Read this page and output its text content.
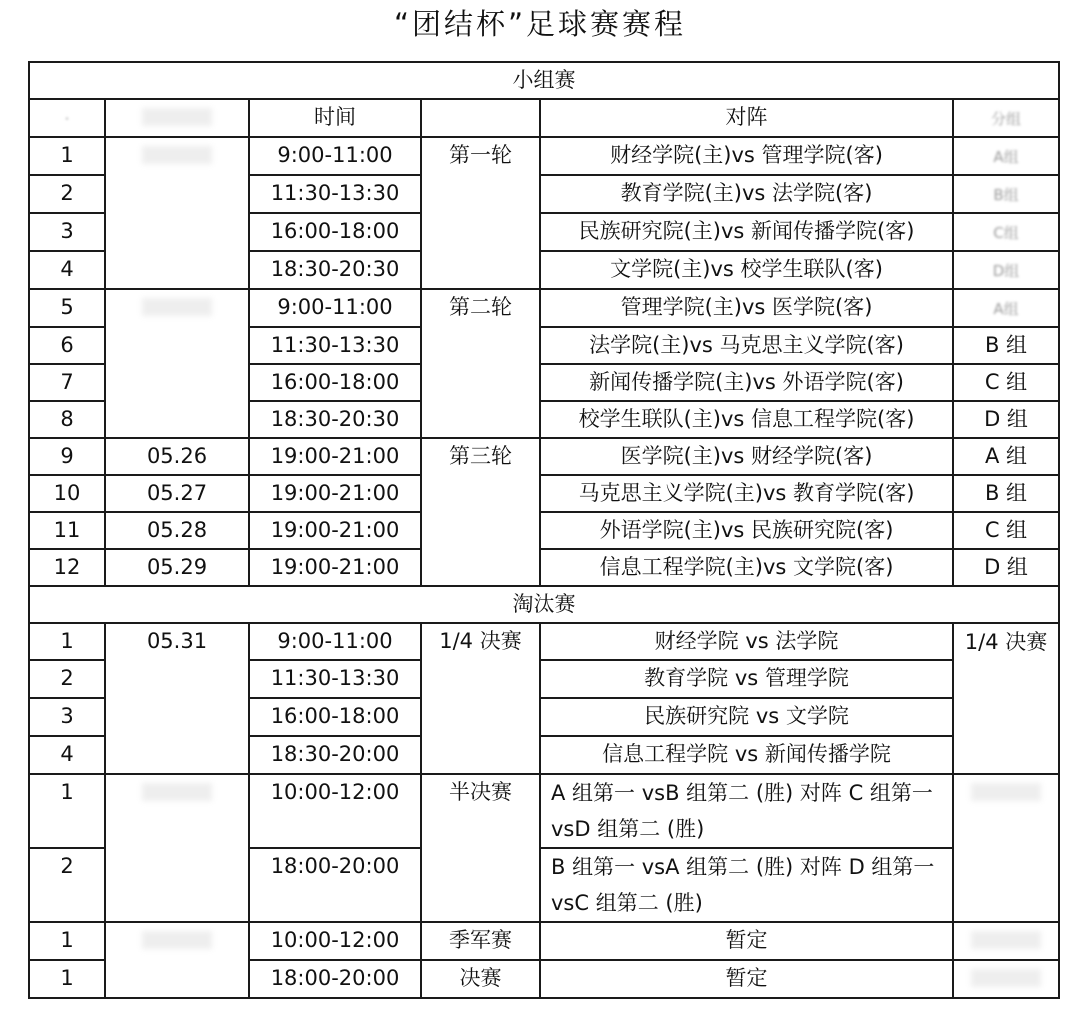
“团结杯”足球赛赛程
小组赛					
·		时间		对阵	分组
1		9:00-11:00	第一轮	财经学院(主)vs 管理学院(客)	A组
2		11:30-13:30		教育学院(主)vs 法学院(客)	B组
3		16:00-18:00		民族研究院(主)vs 新闻传播学院(客)	C组
4		18:30-20:30		文学院(主)vs 校学生联队(客)	D组
5		9:00-11:00	第二轮	管理学院(主)vs 医学院(客)	A组
6		11:30-13:30		法学院(主)vs 马克思主义学院(客)	B 组
7		16:00-18:00		新闻传播学院(主)vs 外语学院(客)	C 组
8		18:30-20:30		校学生联队(主)vs 信息工程学院(客)	D 组
9	05.26	19:00-21:00	第三轮	医学院(主)vs 财经学院(客)	A 组
10	05.27	19:00-21:00		马克思主义学院(主)vs 教育学院(客)	B 组
11	05.28	19:00-21:00		外语学院(主)vs 民族研究院(客)	C 组
12	05.29	19:00-21:00		信息工程学院(主)vs 文学院(客)	D 组
淘汰赛					
1	05.31	9:00-11:00	1/4 决赛	财经学院 vs 法学院	1/4 决赛
2		11:30-13:30		教育学院 vs 管理学院	
3		16:00-18:00		民族研究院 vs 文学院	
4		18:30-20:00		信息工程学院 vs 新闻传播学院	
1		10:00-12:00	半决赛	A 组第一 vsB 组第二 (胜) 对阵 C 组第一vsD 组第二 (胜)	
2		18:00-20:00		B 组第一 vsA 组第二 (胜) 对阵 D 组第一vsC 组第二 (胜)	
1		10:00-12:00	季军赛	暂定	
1		18:00-20:00	决赛	暂定	
